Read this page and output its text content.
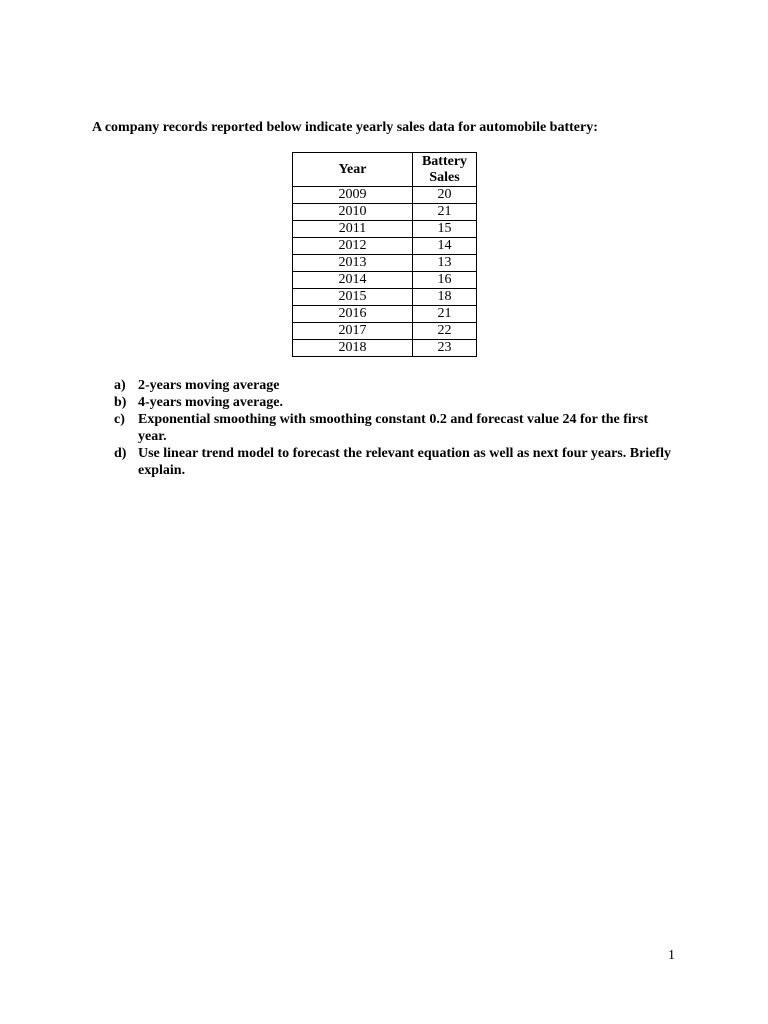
A company records reported below indicate yearly sales data for automobile battery:

Year	Battery Sales
2009	20
2010	21
2011	15
2012	14
2013	13
2014	16
2015	18
2016	21
2017	22
2018	23
a) 2-years moving average
b) 4-years moving average.
c) Exponential smoothing with smoothing constant 0.2 and forecast value 24 for the first year.
d) Use linear trend model to forecast the relevant equation as well as next four years. Briefly explain.
1
